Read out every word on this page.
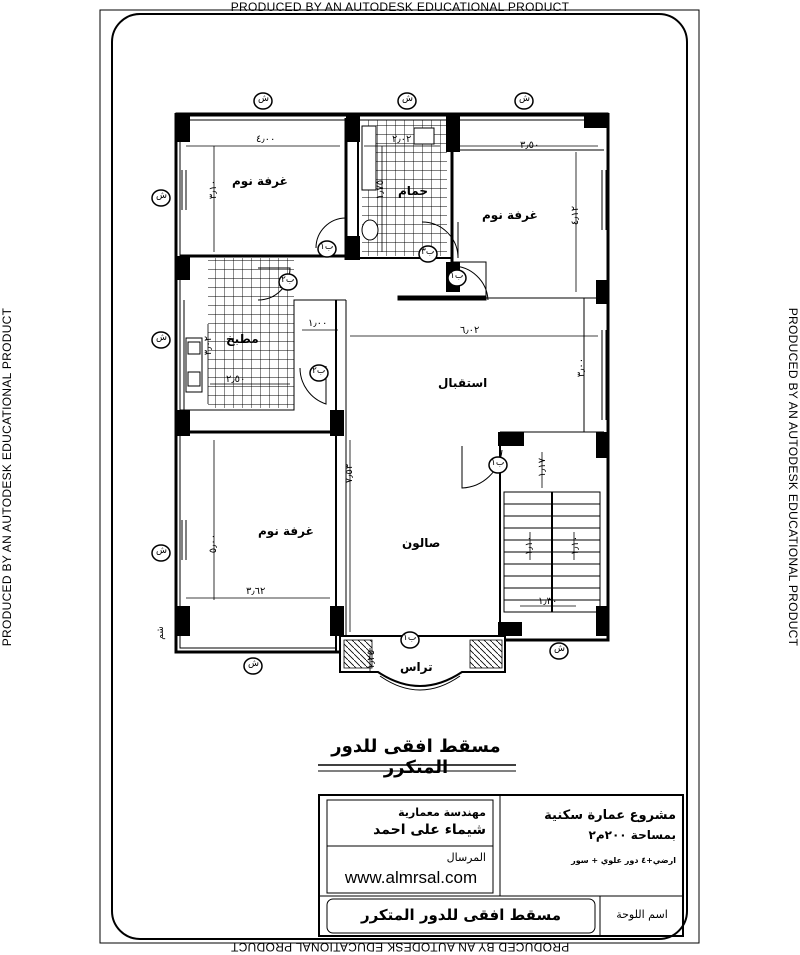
PRODUCED BY AN AUTODESK EDUCATIONAL PRODUCT
PRODUCED BY AN AUTODESK EDUCATIONAL PRODUCT
PRODUCED BY AN AUTODESK EDUCATIONAL PRODUCT	PRODUCED BY AN AUTODESK EDUCATIONAL PRODUCT
ش	ش	ش
ش
ش
ش
ش
ش
ب١
ب٢
ب٢
ب٣
ب١
ب١
ب١
شم
غرفة نوم
حمام
غرفة نوم
مطبخ
استقبال
غرفة نوم
صالون
تراس
٤٫٠٠	٢٫٠٢
٣٫٥٠
٣٫١٠	١٫٧٥
٤٫١٢
٣٫٠٢
١٫٠٠
٦٫٠٢
٢٫٥٠
٣٫٠٠
١٫١٧
٧٫٥٣
٥٫٠٠
٣٫٦٢
١٫١٠	١٫١٠
١٫٣٠
١٫٢٥
مسقط افقى للدور المتكرر
مهندسة معمارية
شيماء على احمد
المرسال
www.almrsal.com
مشروع عمارة سكنية
بمساحة ٢٠٠م٢
ارضي+٤ دور علوي + سور
مسقط افقى للدور المتكرر	اسم اللوحة
